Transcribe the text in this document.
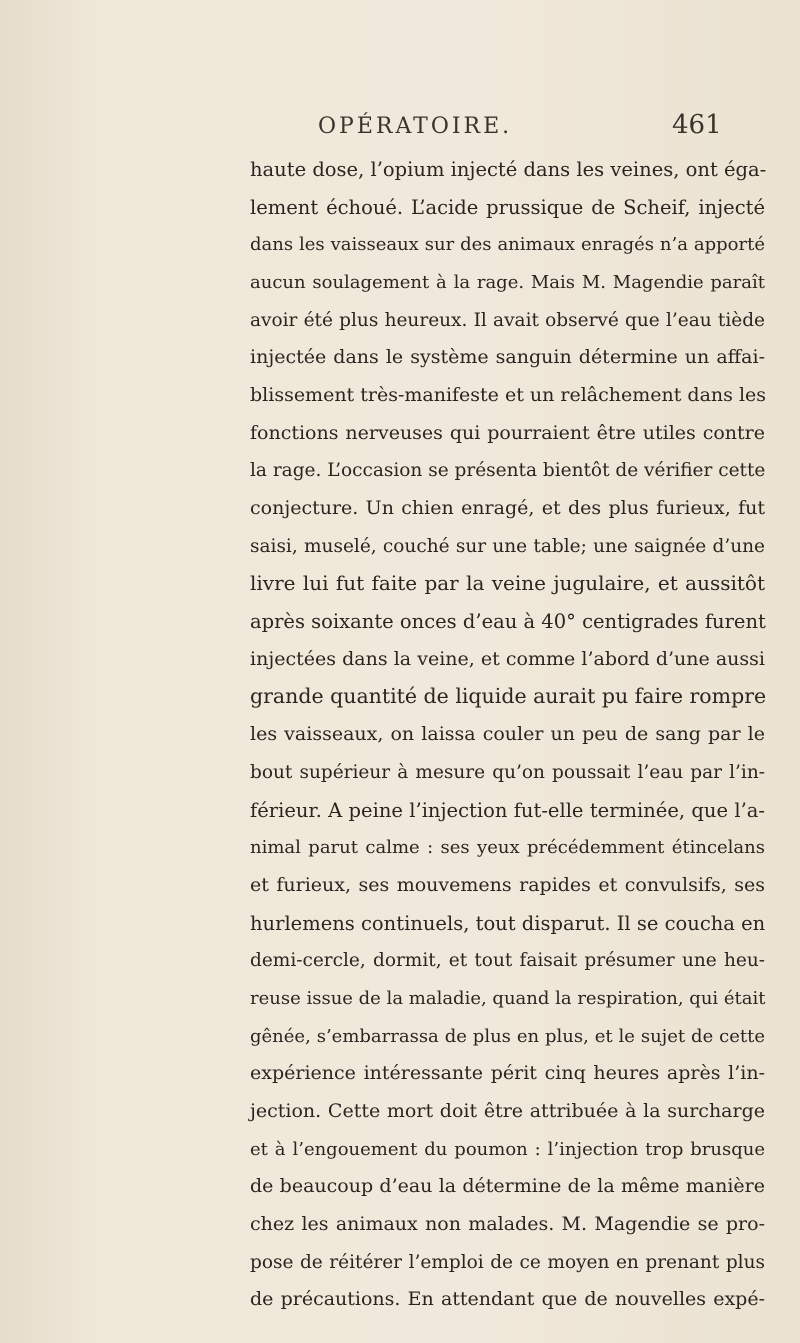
OPÉRATOIRE.	461
haute dose, l’opium injecté dans les veines, ont éga-
lement échoué. L’acide prussique de Scheif, injecté
dans les vaisseaux sur des animaux enragés n’a apporté
aucun soulagement à la rage. Mais M. Magendie paraît
avoir été plus heureux. Il avait observé que l’eau tiède
injectée dans le système sanguin détermine un affai-
blissement très-manifeste et un relâchement dans les
fonctions nerveuses qui pourraient être utiles contre
la rage. L’occasion se présenta bientôt de vérifier cette
conjecture. Un chien enragé, et des plus furieux, fut
saisi, muselé, couché sur une table; une saignée d’une
livre lui fut faite par la veine jugulaire, et aussitôt
après soixante onces d’eau à 40° centigrades furent
injectées dans la veine, et comme l’abord d’une aussi
grande quantité de liquide aurait pu faire rompre
les vaisseaux, on laissa couler un peu de sang par le
bout supérieur à mesure qu’on poussait l’eau par l’in-
férieur. A peine l’injection fut-elle terminée, que l’a-
nimal parut calme : ses yeux précédemment étincelans
et furieux, ses mouvemens rapides et convulsifs, ses
hurlemens continuels, tout disparut. Il se coucha en
demi-cercle, dormit, et tout faisait présumer une heu-
reuse issue de la maladie, quand la respiration, qui était
gênée, s’embarrassa de plus en plus, et le sujet de cette
expérience intéressante périt cinq heures après l’in-
jection. Cette mort doit être attribuée à la surcharge
et à l’engouement du poumon : l’injection trop brusque
de beaucoup d’eau la détermine de la même manière
chez les animaux non malades. M. Magendie se pro-
pose de réitérer l’emploi de ce moyen en prenant plus
de précautions. En attendant que de nouvelles expé-
